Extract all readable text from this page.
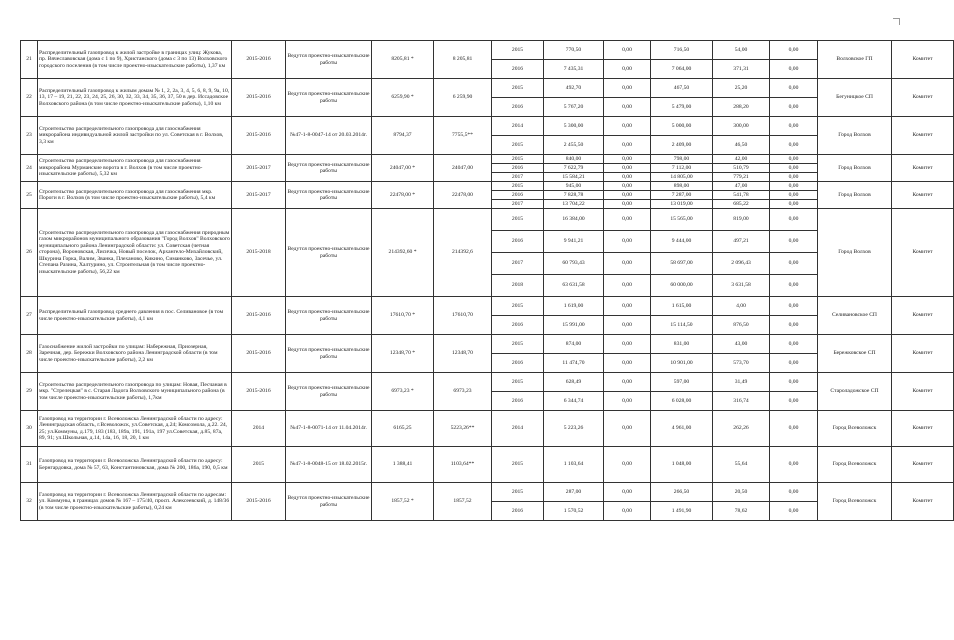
21	Распределительный газопровод к жилой застройке в границах улиц: Жукова, пр. Вячеславовская (дома с 1 по 9), Христанского (дома с 3 по 13) Волховского городского поселения (в том числе проектно-изыскательские работы), 1,37 км	2015-2016	Ведутся проектно-изыскательские работы	8205,81 *	8 205,81	2015	770,50	0,00	716,50	54,00	0,00	Волховское ГП	Комитет
						2016	7 435,31	0,00	7 064,00	371,31	0,00		
22	Распределительный газопровод к жилым домам № 1, 2, 2а, 3, 4, 5, 6, 8, 9, 9а, 10, 13, 17 – 19, 21, 22, 23, 24, 25, 26, 30, 32, 33, 34, 35, 36, 37, 50 в дер. Иссадовское Волховского района (в том числе проектно-изыскательские работы), 1,10 км	2015-2016	Ведутся проектно-изыскательские работы	6259,90 *	6 259,90	2015	492,70	0,00	467,50	25,20	0,00	Бегуницкое СП	Комитет
						2016	5 767,20	0,00	5 479,00	288,20	0,00		
23	Строительство распределительного газопровода для газоснабжения микрорайона индивидуальной жилой застройки по ул. Советская в г. Волхов, 3,3 км	2015-2016	№47-1-8-0047-14 от 20.03.2014г.	8794,37	7755,5**	2014	5 300,00	0,00	5 000,00	300,00	0,00	Город Волхов	Комитет
						2015	2 455,50	0,00	2 409,00	46,50	0,00		
24	Строительство распределительного газопровода для газоснабжения микрорайона Мурманские ворота в г. Волхов (в том числе проектно-изыскательские работы), 5,32 км	2015-2017	Ведутся проектно-изыскательские работы	24047,00 *	24047,00	2015	840,00	0,00	798,00	42,00	0,00	Город Волхов	Комитет
						2016	7 622,79	0,00	7 112,00	510,79	0,00		
						2017	15 584,21	0,00	14 805,00	779,21	0,00		
25	Строительство распределительного газопровода для газоснабжения мкр. Пороги в г. Волхов (в том числе проектно-изыскательские работы), 5,4 км	2015-2017	Ведутся проектно-изыскательские работы	22478,00 *	22478,00	2015	945,00	0,00	898,00	47,00	0,00	Город Волхов	Комитет
						2016	7 828,78	0,00	7 287,00	541,78	0,00		
						2017	13 704,22	0,00	13 019,00	685,22	0,00		
26	Строительство распределительного газопровода для газоснабжения природным газом микрорайонов муниципального образования "Город Волхов" Волховского муниципального района Ленинградской области: ул. Советская (четная сторона), Вороновская, Лисичка, Новый поселок, Архангело-Михайловский, Шкурина Горка, Валим, Званка, Плеханово, Кикино, Симанково, Засечье, ул. Степана Разина, Халтурино, ул. Строительная (в том числе проектно-изыскательские работы), 56,22 км	2015-2018	Ведутся проектно-изыскательские работы	214392,60 *	214392,6	2015	16 384,00	0,00	15 565,00	819,00	0,00	Город Волхов	Комитет
						2016	9 941,21	0,00	9 444,00	497,21	0,00		
						2017	60 793,43	0,00	58 697,00	2 096,43	0,00		
						2018	63 631,58	0,00	60 000,00	3 631,58	0,00		
27	Распределительный газопровод среднего давления в пос. Селивановое (в том числе проектно-изыскательские работы), 4,1 км	2015-2016	Ведутся проектно-изыскательские работы	17610,70 *	17610,70	2015	1 619,00	0,00	1 615,00	4,00	0,00	Селивановское СП	Комитет
						2016	15 991,00	0,00	15 114,50	876,50	0,00		
28	Газоснабжение жилой застройки по улицам: Набережная, Приозерная, Заречная, дер. Бережки Волховского района Ленинградской области (в том числе проектно-изыскательские работы), 2,2 км	2015-2016	Ведутся проектно-изыскательские работы	12348,70 *	12348,70	2015	874,00	0,00	831,00	43,00	0,00	Бережковское СП	Комитет
						2016	11 474,70	0,00	10 901,00	573,70	0,00		
29	Строительство распределительного газопровода по улицам: Новая, Песчаная в мкр. "Стрелецкая" в с. Старая Ладога Волховского муниципального района (в том числе проектно-изыскательские работы), 1,7км	2015-2016	Ведутся проектно-изыскательские работы	6973,23 *	6973,23	2015	628,49	0,00	597,00	31,49	0,00	Староладожское СП	Комитет
						2016	6 344,74	0,00	6 028,00	316,74	0,00		
30	Газопровод на территории г. Всеволожска Ленинградской области по адресу: Ленинградская область, г.Всеволожск, ул.Советская, д.24; Комсомола, д.22. 24, 25; ул.Коммуны, д.179, 183 (183, 189а, 191, 191а, 197 ул.Советская, д.85, 87а, 89, 91; ул.Школьная, д.14, 14а, 16, 18, 20, 1 км	2014	№47-1-8-0071-14 от 11.04.2014г.	6165,25	5223,26**	2014	5 223,26	0,00	4 961,00	262,26	0,00	Город Всеволожск	Комитет
31	Газопровод на территории г. Всеволожска Ленинградской области по адресу: Бернгардовка, дома № 57, 63, Константиновская, дома № 200, 186а, 190, 0,5 км	2015	№47-1-8-0048-15 от 18.02.2015г.	1 388,41	1103,64**	2015	1 103,64	0,00	1 048,00	55,64	0,00	Город Всеволожск	Комитет
32	Газопровод на территории г. Всеволожска Ленинградской области по адресам: ул. Коммуны, в границах домов № 167 – 175/40, просп. Алексеевский, д. 148/36 (в том числе проектно-изыскательские работы), 0,24 км	2015-2016	Ведутся проектно-изыскательские работы	1857,52 *	1857,52	2015	287,00	0,00	266,50	20,50	0,00	Город Всеволожск	Комитет
						2016	1 570,52	0,00	1 491,90	78,62	0,00		
